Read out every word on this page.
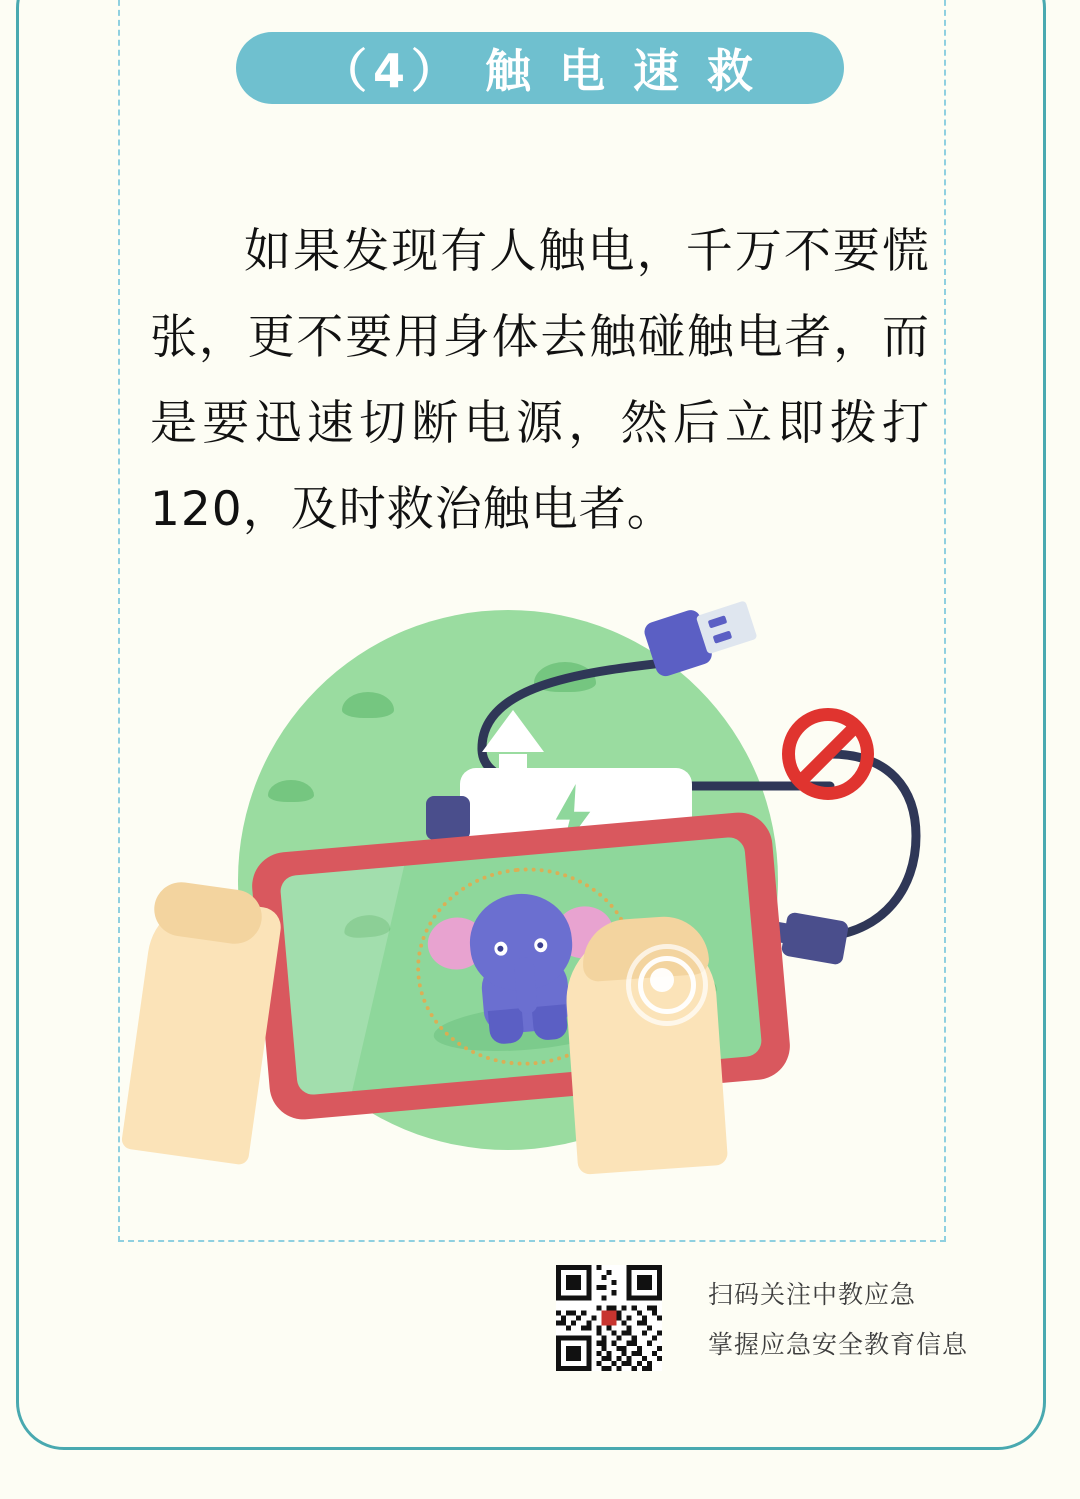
（4） 触 电 速 救

如果发现有人触电，千万不要慌张，更不要用身体去触碰触电者，而是要迅速切断电源，然后立即拨打120，及时救治触电者。

扫码关注中教应急
掌握应急安全教育信息
